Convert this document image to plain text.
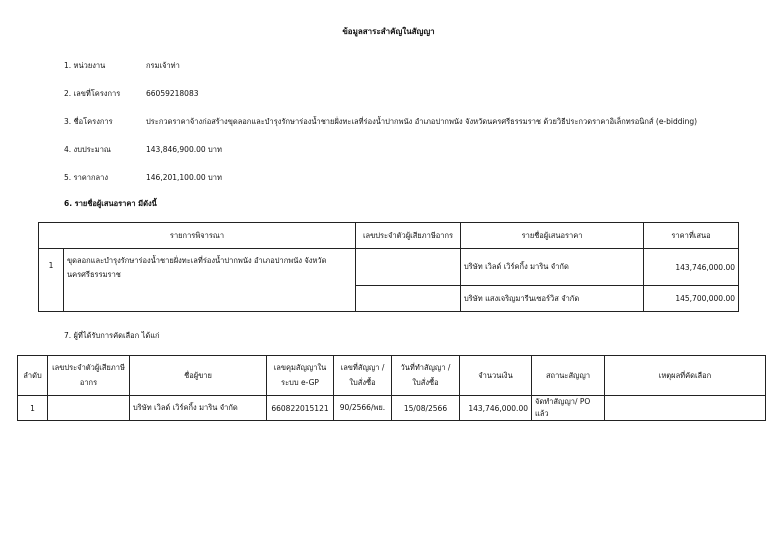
ข้อมูลสาระสำคัญในสัญญา
1. หน่วยงาน	กรมเจ้าท่า
2. เลขที่โครงการ	66059218083
3. ชื่อโครงการ	ประกวดราคาจ้างก่อสร้างขุดลอกและบำรุงรักษาร่องน้ำชายฝั่งทะเลที่ร่องน้ำปากพนัง อำเภอปากพนัง จังหวัดนครศรีธรรมราช ด้วยวิธีประกวดราคาอิเล็กทรอนิกส์ (e-bidding)
4. งบประมาณ	143,846,900.00 บาท
5. ราคากลาง	146,201,100.00 บาท
6. รายชื่อผู้เสนอราคา มีดังนี้
รายการพิจารณา		เลขประจำตัวผู้เสียภาษีอากร	รายชื่อผู้เสนอราคา	ราคาที่เสนอ
1	ขุดลอกและบำรุงรักษาร่องน้ำชายฝั่งทะเลที่ร่องน้ำปากพนัง อำเภอปากพนัง จังหวัดนครศรีธรรมราช		บริษัท เวิลด์ เวิร์คกิ้ง มาริน จำกัด	143,746,000.00
			บริษัท แสงเจริญมารีนเซอร์วิส จำกัด	145,700,000.00
7. ผู้ที่ได้รับการคัดเลือก ได้แก่
ลำดับ	เลขประจำตัวผู้เสียภาษีอากร	ชื่อผู้ขาย	เลขคุมสัญญาในระบบ e-GP	เลขที่สัญญา / ใบสั่งซื้อ	วันที่ทำสัญญา / ใบสั่งซื้อ	จำนวนเงิน	สถานะสัญญา	เหตุผลที่คัดเลือก
1		บริษัท เวิลด์ เวิร์คกิ้ง มาริน จำกัด	660822015121	90/2566/พย.	15/08/2566	143,746,000.00	จัดทำสัญญา/ PO แล้ว	
